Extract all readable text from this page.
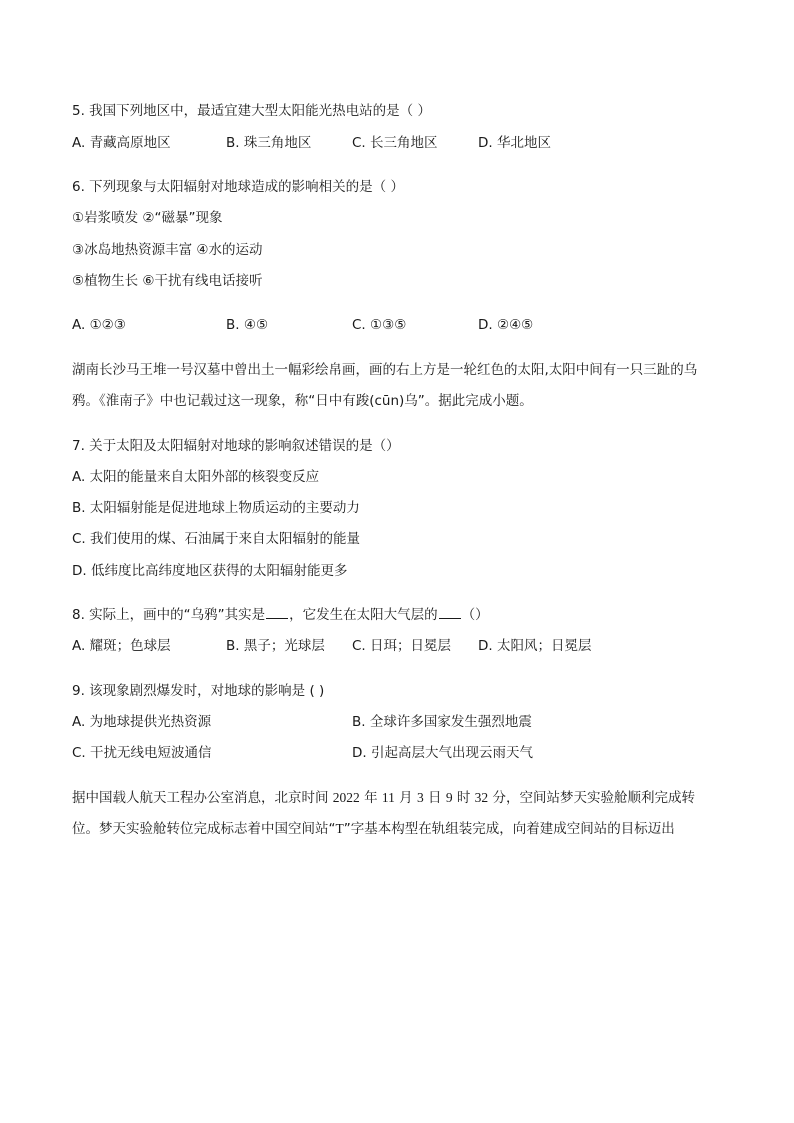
5. 我国下列地区中，最适宜建大型太阳能光热电站的是（ ）
A. 青藏高原地区	B. 珠三角地区	C. 长三角地区	D. 华北地区
6. 下列现象与太阳辐射对地球造成的影响相关的是（ ）
①岩浆喷发 ②“磁暴”现象
③冰岛地热资源丰富 ④水的运动
⑤植物生长 ⑥干扰有线电话接听
A. ①②③	B. ④⑤	C. ①③⑤	D. ②④⑤
湖南长沙马王堆一号汉墓中曾出土一幅彩绘帛画，画的右上方是一轮红色的太阳,太阳中间有一只三趾的乌
鸦。《淮南子》中也记载过这一现象，称“日中有踆(cūn)乌”。据此完成小题。
7. 关于太阳及太阳辐射对地球的影响叙述错误的是（）
A. 太阳的能量来自太阳外部的核裂变反应
B. 太阳辐射能是促进地球上物质运动的主要动力
C. 我们使用的煤、石油属于来自太阳辐射的能量
D. 低纬度比高纬度地区获得的太阳辐射能更多
8. 实际上，画中的“乌鸦”其实是 ，它发生在太阳大气层的 （）
A. 耀斑；色球层	B. 黑子；光球层 C. 日珥；日冕层 D. 太阳风；日冕层
9. 该现象剧烈爆发时，对地球的影响是 ( )
A. 为地球提供光热资源	B. 全球许多国家发生强烈地震
C. 干扰无线电短波通信	D. 引起高层大气出现云雨天气
据中国载人航天工程办公室消息，北京时间 2022 年 11 月 3 日 9 时 32 分，空间站梦天实验舱顺利完成转
位。梦天实验舱转位完成标志着中国空间站“T”字基本构型在轨组装完成，向着建成空间站的目标迈出
